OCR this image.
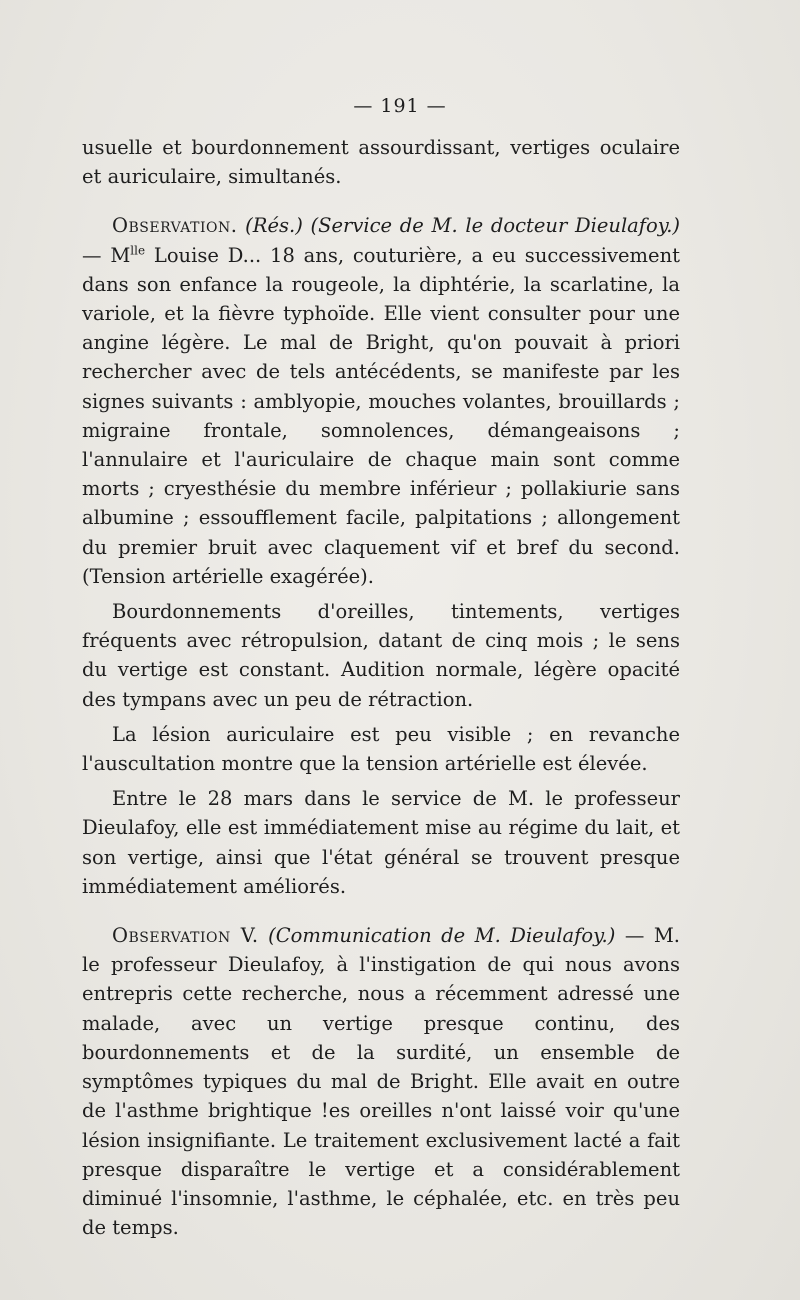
— 191 —

usuelle et bourdonnement assourdissant, vertiges oculaire et auriculaire, simultanés.

Observation. (Rés.) (Service de M. le docteur Dieulafoy.) — $M^{lle}$ Louise D... 18 ans, couturière, a eu successivement dans son enfance la rougeole, la diphtérie, la scarlatine, la variole, et la fièvre typhoïde. Elle vient consulter pour une angine légère. Le mal de Bright, qu'on pouvait à priori rechercher avec de tels antécédents, se manifeste par les signes suivants : amblyopie, mouches volantes, brouillards ; migraine frontale, somnolences, démangeaisons ; l'annulaire et l'auriculaire de chaque main sont comme morts ; cryesthésie du membre inférieur ; pollakiurie sans albumine ; essoufflement facile, palpitations ; allongement du premier bruit avec claquement vif et bref du second. (Tension artérielle exagérée).

Bourdonnements d'oreilles, tintements, vertiges fréquents avec rétropulsion, datant de cinq mois ; le sens du vertige est constant. Audition normale, légère opacité des tympans avec un peu de rétraction.

La lésion auriculaire est peu visible ; en revanche l'auscultation montre que la tension artérielle est élevée.

Entre le 28 mars dans le service de M. le professeur Dieulafoy, elle est immédiatement mise au régime du lait, et son vertige, ainsi que l'état général se trouvent presque immédiatement améliorés.

Observation V. (Communication de M. Dieulafoy.) — M. le professeur Dieulafoy, à l'instigation de qui nous avons entrepris cette recherche, nous a récemment adressé une malade, avec un vertige presque continu, des bourdonnements et de la surdité, un ensemble de symptômes typiques du mal de Bright. Elle avait en outre de l'asthme brightique !es oreilles n'ont laissé voir qu'une lésion insignifiante. Le traitement exclusivement lacté a fait presque disparaître le vertige et a considérablement diminué l'insomnie, l'asthme, le céphalée, etc. en très peu de temps.
